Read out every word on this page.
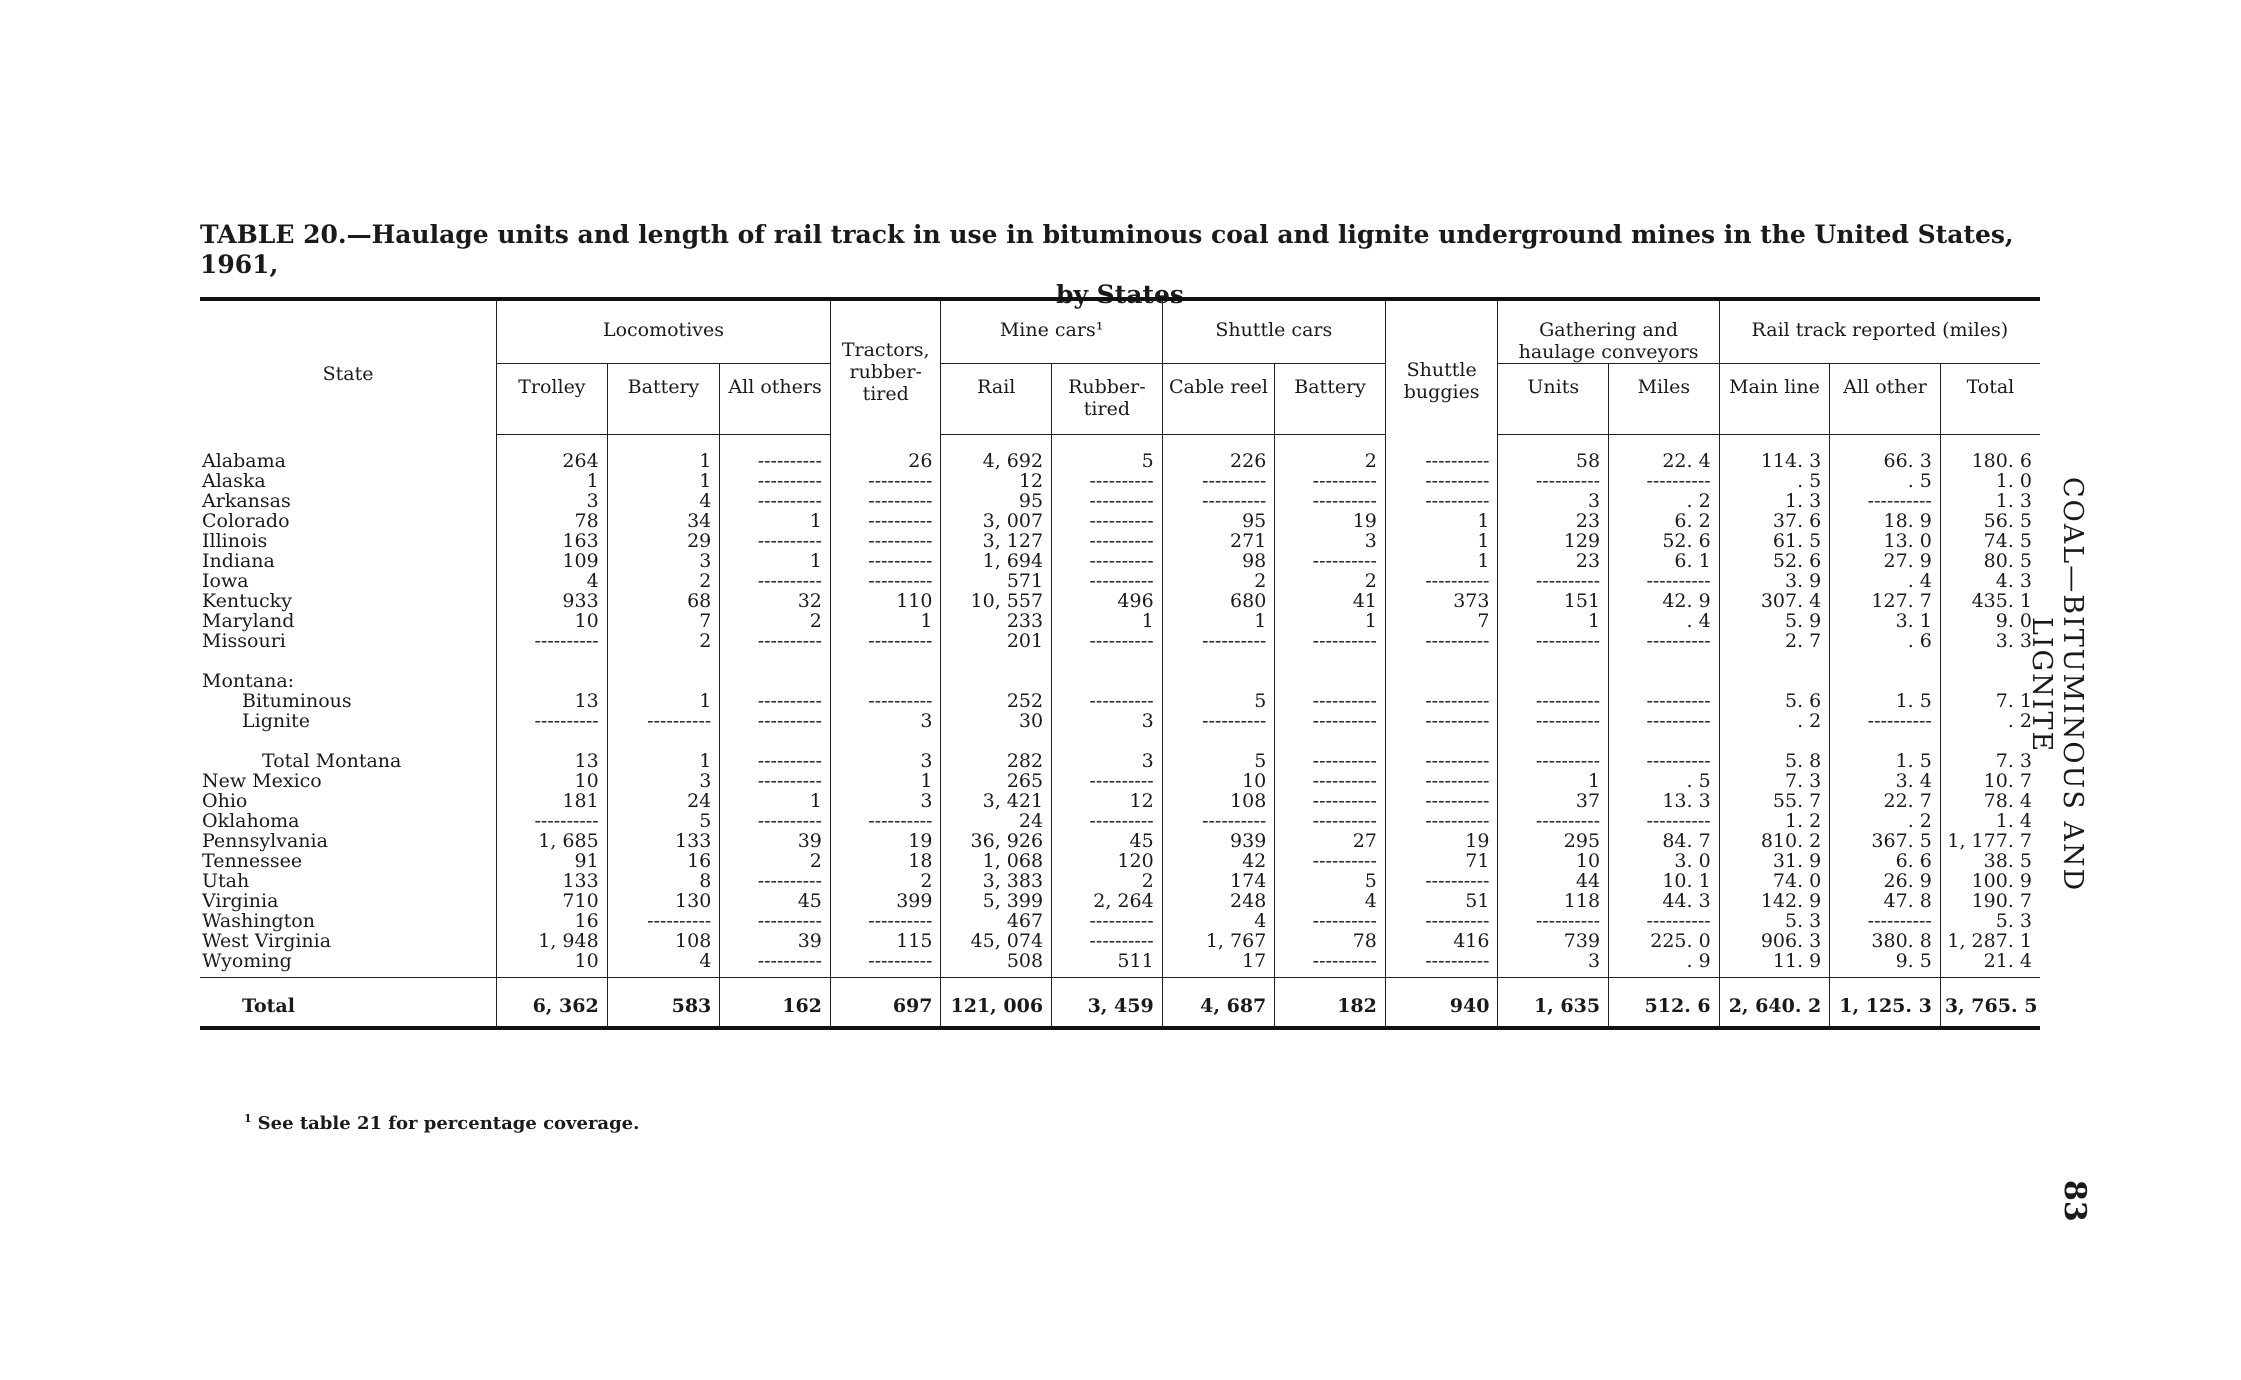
TABLE 20.—Haulage units and length of rail track in use in bituminous coal and lignite underground mines in the United States, 1961,
by States
State	Locomotives			Tractors, rubber-tired	Mine cars¹		Shuttle cars		Shuttle buggies	Gathering and haulage conveyors		Rail track reported (miles)		
	Trolley	Battery	All others		Rail	Rubber-tired	Cable reel	Battery		Units	Miles	Main line	All other	Total
Alabama	264	1	----------	26	4, 692	5	226	2	----------	58	22. 4	114. 3	66. 3	180. 6
Alaska	1	1	----------	----------	12	----------	----------	----------	----------	----------	----------	. 5	. 5	1. 0
Arkansas	3	4	----------	----------	95	----------	----------	----------	----------	3	. 2	1. 3	----------	1. 3
Colorado	78	34	1	----------	3, 007	----------	95	19	1	23	6. 2	37. 6	18. 9	56. 5
Illinois	163	29	----------	----------	3, 127	----------	271	3	1	129	52. 6	61. 5	13. 0	74. 5
Indiana	109	3	1	----------	1, 694	----------	98	----------	1	23	6. 1	52. 6	27. 9	80. 5
Iowa	4	2	----------	----------	571	----------	2	2	----------	----------	----------	3. 9	. 4	4. 3
Kentucky	933	68	32	110	10, 557	496	680	41	373	151	42. 9	307. 4	127. 7	435. 1
Maryland	10	7	2	1	233	1	1	1	7	1	. 4	5. 9	3. 1	9. 0
Missouri	----------	2	----------	----------	201	----------	----------	----------	----------	----------	----------	2. 7	. 6	3. 3
Montana:														
Bituminous	13	1	----------	----------	252	----------	5	----------	----------	----------	----------	5. 6	1. 5	7. 1
Lignite	----------	----------	----------	3	30	3	----------	----------	----------	----------	----------	. 2	----------	. 2
Total Montana	13	1	----------	3	282	3	5	----------	----------	----------	----------	5. 8	1. 5	7. 3
New Mexico	10	3	----------	1	265	----------	10	----------	----------	1	. 5	7. 3	3. 4	10. 7
Ohio	181	24	1	3	3, 421	12	108	----------	----------	37	13. 3	55. 7	22. 7	78. 4
Oklahoma	----------	5	----------	----------	24	----------	----------	----------	----------	----------	----------	1. 2	. 2	1. 4
Pennsylvania	1, 685	133	39	19	36, 926	45	939	27	19	295	84. 7	810. 2	367. 5	1, 177. 7
Tennessee	91	16	2	18	1, 068	120	42	----------	71	10	3. 0	31. 9	6. 6	38. 5
Utah	133	8	----------	2	3, 383	2	174	5	----------	44	10. 1	74. 0	26. 9	100. 9
Virginia	710	130	45	399	5, 399	2, 264	248	4	51	118	44. 3	142. 9	47. 8	190. 7
Washington	16	----------	----------	----------	467	----------	4	----------	----------	----------	----------	5. 3	----------	5. 3
West Virginia	1, 948	108	39	115	45, 074	----------	1, 767	78	416	739	225. 0	906. 3	380. 8	1, 287. 1
Wyoming	10	4	----------	----------	508	511	17	----------	----------	3	. 9	11. 9	9. 5	21. 4
Total	6, 362	583	162	697	121, 006	3, 459	4, 687	182	940	1, 635	512. 6	2, 640. 2	1, 125. 3	3, 765. 5

$^1$ See table 21 for percentage coverage.
COAL—BITUMINOUS AND LIGNITE
83
